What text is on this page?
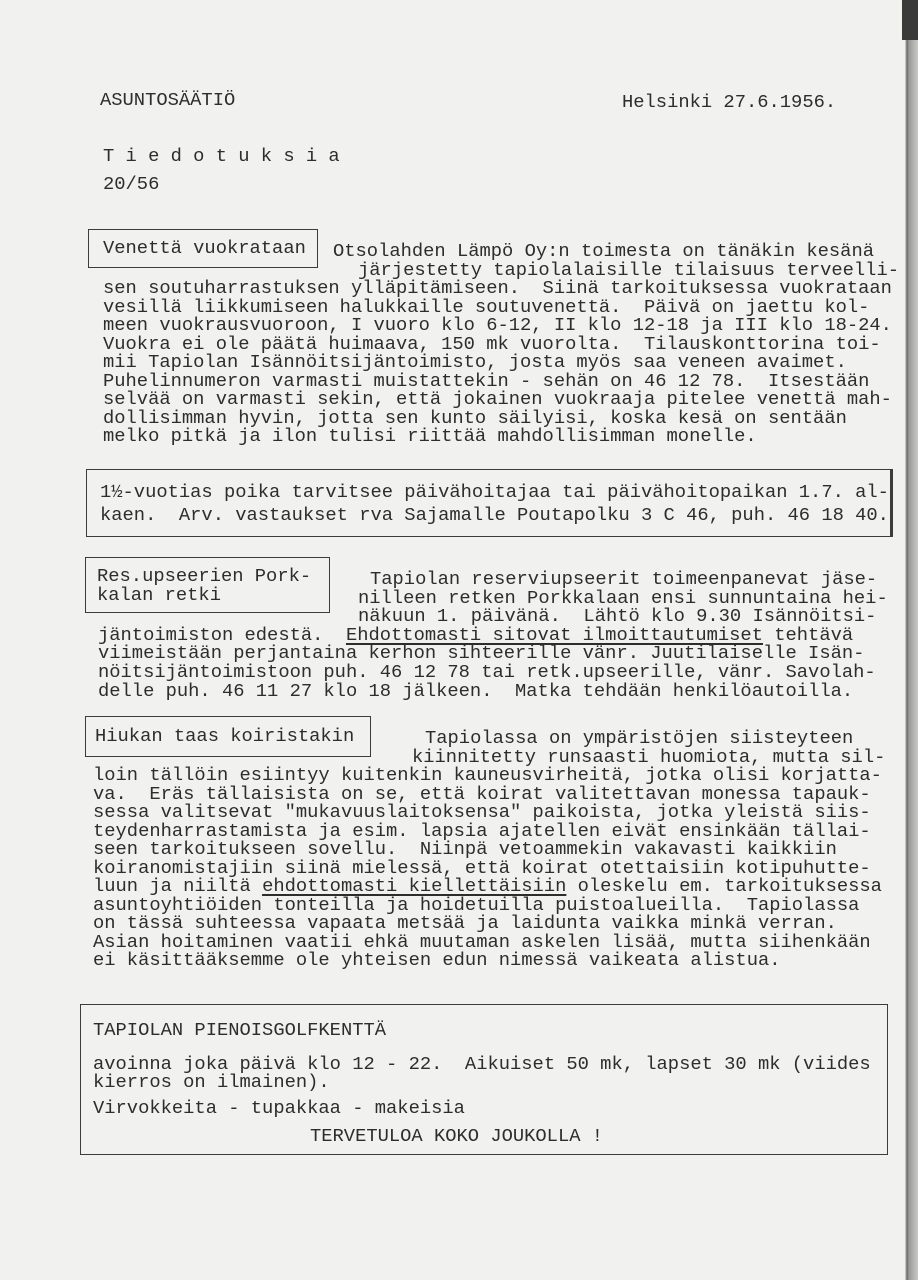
ASUNTOSÄÄTIÖ	Helsinki 27.6.1956.
T i e d o t u k s i a
20/56
Venettä vuokrataan	Otsolahden Lämpö Oy:n toimesta on tänäkin kesänä
järjestetty tapiolalaisille tilaisuus terveelli-
sen soutuharrastuksen ylläpitämiseen.  Siinä tarkoituksessa vuokrataan
vesillä liikkumiseen halukkaille soutuvenettä.  Päivä on jaettu kol-
meen vuokrausvuoroon, I vuoro klo 6-12, II klo 12-18 ja III klo 18-24.
Vuokra ei ole päätä huimaava, 150 mk vuorolta.  Tilauskonttorina toi-
mii Tapiolan Isännöitsijäntoimisto, josta myös saa veneen avaimet.
Puhelinnumeron varmasti muistattekin - sehän on 46 12 78.  Itsestään
selvää on varmasti sekin, että jokainen vuokraaja pitelee venettä mah-
dollisimman hyvin, jotta sen kunto säilyisi, koska kesä on sentään
melko pitkä ja ilon tulisi riittää mahdollisimman monelle.
1½-vuotias poika tarvitsee päivähoitajaa tai päivähoitopaikan 1.7. al-
kaen.  Arv. vastaukset rva Sajamalle Poutapolku 3 C 46, puh. 46 18 40.
Res.upseerien Pork-
kalan retki
Tapiolan reserviupseerit toimeenpanevat jäse-
nilleen retken Porkkalaan ensi sunnuntaina hei-
näkuun 1. päivänä.  Lähtö klo 9.30 Isännöitsi-
jäntoimiston edestä.  Ehdottomasti sitovat ilmoittautumiset tehtävä
viimeistään perjantaina kerhon sihteerille vänr. Juutilaiselle Isän-
nöitsijäntoimistoon puh. 46 12 78 tai retk.upseerille, vänr. Savolah-
delle puh. 46 11 27 klo 18 jälkeen.  Matka tehdään henkilöautoilla.
Hiukan taas koiristakin	Tapiolassa on ympäristöjen siisteyteen
kiinnitetty runsaasti huomiota, mutta sil-
loin tällöin esiintyy kuitenkin kauneusvirheitä, jotka olisi korjatta-
va.  Eräs tällaisista on se, että koirat valitettavan monessa tapauk-
sessa valitsevat "mukavuuslaitoksensa" paikoista, jotka yleistä siis-
teydenharrastamista ja esim. lapsia ajatellen eivät ensinkään tällai-
seen tarkoitukseen sovellu.  Niinpä vetoammekin vakavasti kaikkiin
koiranomistajiin siinä mielessä, että koirat otettaisiin kotipuhutte-
luun ja niiltä ehdottomasti kiellettäisiin oleskelu em. tarkoituksessa
asuntoyhtiöiden tonteilla ja hoidetuilla puistoalueilla.  Tapiolassa
on tässä suhteessa vapaata metsää ja laidunta vaikka minkä verran.
Asian hoitaminen vaatii ehkä muutaman askelen lisää, mutta siihenkään
ei käsittääksemme ole yhteisen edun nimessä vaikeata alistua.
TAPIOLAN PIENOISGOLFKENTTÄ
avoinna joka päivä klo 12 - 22.  Aikuiset 50 mk, lapset 30 mk (viides
kierros on ilmainen).
Virvokkeita - tupakkaa - makeisia
TERVETULOA KOKO JOUKOLLA !
